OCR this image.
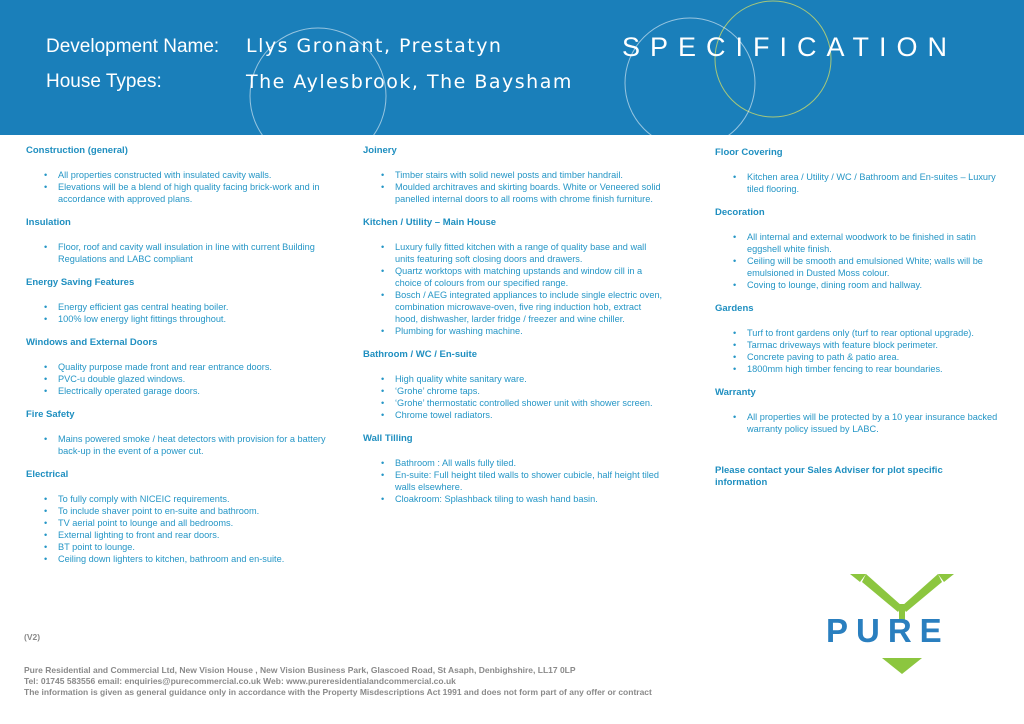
Development Name: Llys Gronant, Prestatyn
House Types:	The Aylesbrook, The Baysham
SPECIFICATION
Construction (general)
• All properties constructed with insulated cavity walls.
• Elevations will be a blend of high quality facing brick-work and in accordance with approved plans.
Insulation
• Floor, roof and cavity wall insulation in line with current Building Regulations and LABC compliant
Energy Saving Features
• Energy efficient gas central heating boiler.
• 100% low energy light fittings throughout.
Windows and External Doors
• Quality purpose made front and rear entrance doors.
• PVC-u double glazed windows.
• Electrically operated garage doors.
Fire Safety
• Mains powered smoke / heat detectors with provision for a battery back-up in the event of a power cut.
Electrical
• To fully comply with NICEIC requirements.
• To include shaver point to en-suite and bathroom.
• TV aerial point to lounge and all bedrooms.
• External lighting to front and rear doors.
• BT point to lounge.
• Ceiling down lighters to kitchen, bathroom and en-suite.
Joinery
• Timber stairs with solid newel posts and timber handrail.
• Moulded architraves and skirting boards. White or Veneered solid panelled internal doors to all rooms with chrome finish furniture.
Kitchen / Utility – Main House
• Luxury fully fitted kitchen with a range of quality base and wall units featuring soft closing doors and drawers.
• Quartz worktops with matching upstands and window cill in a choice of colours from our specified range.
• Bosch / AEG integrated appliances to include single electric oven, combination microwave-oven, five ring induction hob, extract hood, dishwasher, larder fridge / freezer and wine chiller.
• Plumbing for washing machine.
Bathroom / WC / En-suite
• High quality white sanitary ware.
• ‘Grohe’ chrome taps.
• ‘Grohe’ thermostatic controlled shower unit with shower screen.
• Chrome towel radiators.
Wall Tilling
• Bathroom : All walls fully tiled.
• En-suite: Full height tiled walls to shower cubicle, half height tiled walls elsewhere.
• Cloakroom: Splashback tiling to wash hand basin.
Floor Covering
• Kitchen area / Utility / WC / Bathroom and En-suites – Luxury tiled flooring.
Decoration
• All internal and external woodwork to be finished in satin eggshell white finish.
• Ceiling will be smooth and emulsioned White; walls will be emulsioned in Dusted Moss colour.
• Coving to lounge, dining room and hallway.
Gardens
• Turf to front gardens only (turf to rear optional upgrade).
• Tarmac driveways with feature block perimeter.
• Concrete paving to path & patio area.
• 1800mm high timber fencing to rear boundaries.
Warranty
• All properties will be protected by a 10 year insurance backed warranty policy issued by LABC.
Please contact your Sales Adviser for plot specific information
(V2)
Pure Residential and Commercial Ltd, New Vision House , New Vision Business Park, Glascoed Road, St Asaph, Denbighshire, LL17 0LP
Tel: 01745 583556 email: enquiries@purecommercial.co.uk Web: www.pureresidentialandcommercial.co.uk
The information is given as general guidance only in accordance with the Property Misdescriptions Act 1991 and does not form part of any offer or contract
PURE
